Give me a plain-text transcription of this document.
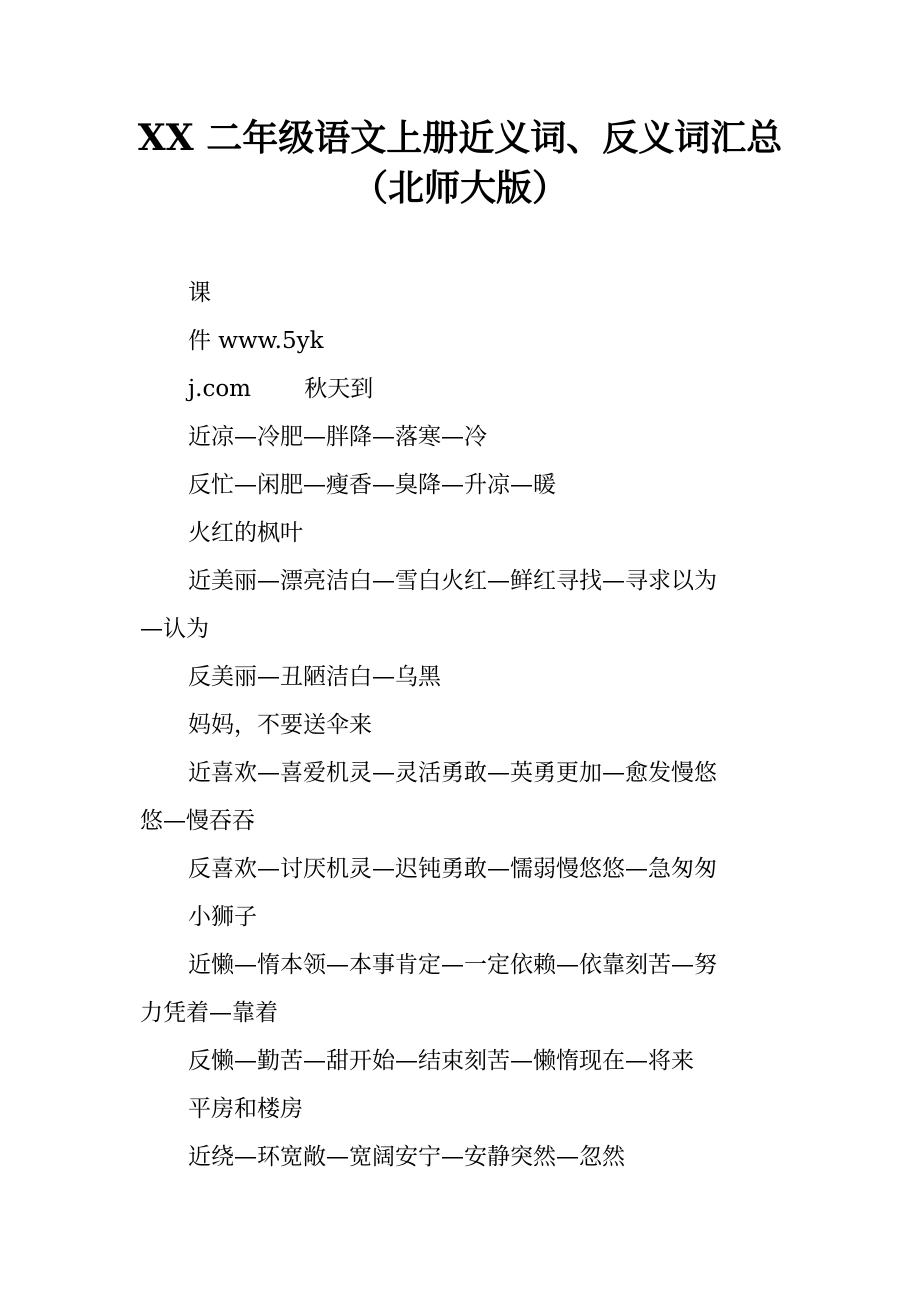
XX 二年级语文上册近义词、反义词汇总
（北师大版）
课
件 www.5yk
j.com　　 秋天到
近凉—冷肥—胖降—落寒—冷
反忙—闲肥—瘦香—臭降—升凉—暖
火红的枫叶
近美丽—漂亮洁白—雪白火红—鲜红寻找—寻求以为
—认为
反美丽—丑陋洁白—乌黑
妈妈，不要送伞来
近喜欢—喜爱机灵—灵活勇敢—英勇更加—愈发慢悠
悠—慢吞吞
反喜欢—讨厌机灵—迟钝勇敢—懦弱慢悠悠—急匆匆
小狮子
近懒—惰本领—本事肯定—一定依赖—依靠刻苦—努
力凭着—靠着
反懒—勤苦—甜开始—结束刻苦—懒惰现在—将来
平房和楼房
近绕—环宽敞—宽阔安宁—安静突然—忽然
